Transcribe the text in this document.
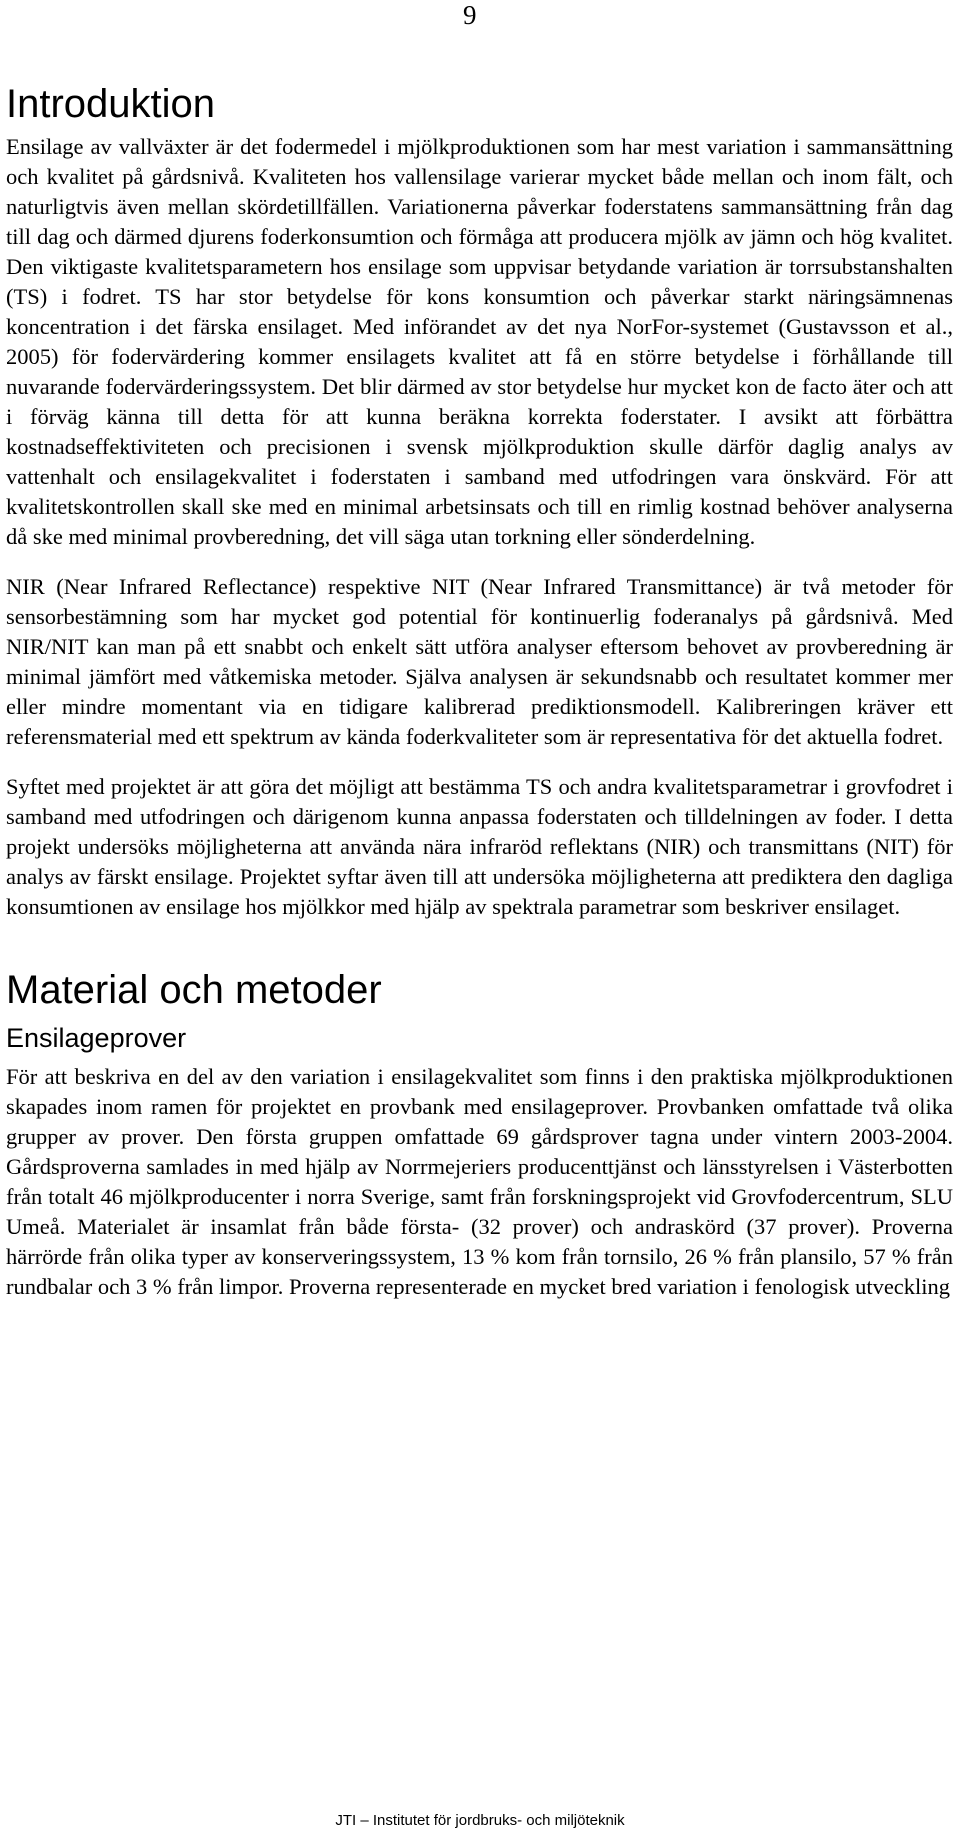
9
Introduktion

Ensilage av vallväxter är det fodermedel i mjölkproduktionen som har mest variation i sammansättning och kvalitet på gårdsnivå. Kvaliteten hos vallensilage varierar mycket både mellan och inom fält, och naturligtvis även mellan skördetillfällen. Variationerna påverkar foderstatens sammansättning från dag till dag och därmed djurens foderkonsumtion och förmåga att producera mjölk av jämn och hög kvalitet. Den viktigaste kvalitetsparametern hos ensilage som uppvisar betydande variation är torrsubstanshalten (TS) i fodret. TS har stor betydelse för kons konsumtion och påverkar starkt näringsämnenas koncentration i det färska ensilaget. Med införandet av det nya NorFor-systemet (Gustavsson et al., 2005) för fodervärdering kommer ensilagets kvalitet att få en större betydelse i förhållande till nuvarande fodervärderingssystem. Det blir därmed av stor betydelse hur mycket kon de facto äter och att i förväg känna till detta för att kunna beräkna korrekta foderstater. I avsikt att förbättra kostnadseffektiviteten och precisionen i svensk mjölkproduktion skulle därför daglig analys av vattenhalt och ensilagekvalitet i foderstaten i samband med utfodringen vara önskvärd. För att kvalitetskontrollen skall ske med en minimal arbetsinsats och till en rimlig kostnad behöver analyserna då ske med minimal provberedning, det vill säga utan torkning eller sönderdelning.

NIR (Near Infrared Reflectance) respektive NIT (Near Infrared Transmittance) är två metoder för sensorbestämning som har mycket god potential för kontinuerlig foderanalys på gårdsnivå. Med NIR/NIT kan man på ett snabbt och enkelt sätt utföra analyser eftersom behovet av provberedning är minimal jämfört med våtkemiska metoder. Själva analysen är sekundsnabb och resultatet kommer mer eller mindre momentant via en tidigare kalibrerad prediktionsmodell. Kalibreringen kräver ett referensmaterial med ett spektrum av kända foderkvaliteter som är representativa för det aktuella fodret.

Syftet med projektet är att göra det möjligt att bestämma TS och andra kvalitetsparametrar i grovfodret i samband med utfodringen och därigenom kunna anpassa foderstaten och tilldelningen av foder. I detta projekt undersöks möjligheterna att använda nära infraröd reflektans (NIR) och transmittans (NIT) för analys av färskt ensilage. Projektet syftar även till att undersöka möjligheterna att prediktera den dagliga konsumtionen av ensilage hos mjölkkor med hjälp av spektrala parametrar som beskriver ensilaget.

Material och metoder
Ensilageprover

För att beskriva en del av den variation i ensilagekvalitet som finns i den praktiska mjölkproduktionen skapades inom ramen för projektet en provbank med ensilageprover. Provbanken omfattade två olika grupper av prover. Den första gruppen omfattade 69 gårdsprover tagna under vintern 2003-2004. Gårdsproverna samlades in med hjälp av Norrmejeriers producenttjänst och länsstyrelsen i Västerbotten från totalt 46 mjölkproducenter i norra Sverige, samt från forskningsprojekt vid Grovfodercentrum, SLU Umeå. Materialet är insamlat från både första- (32 prover) och andraskörd (37 prover). Proverna härrörde från olika typer av konserveringssystem, 13 % kom från tornsilo, 26 % från plansilo, 57 % från rundbalar och 3 % från limpor. Proverna representerade en mycket bred variation i fenologisk utveckling

JTI – Institutet för jordbruks- och miljöteknik
